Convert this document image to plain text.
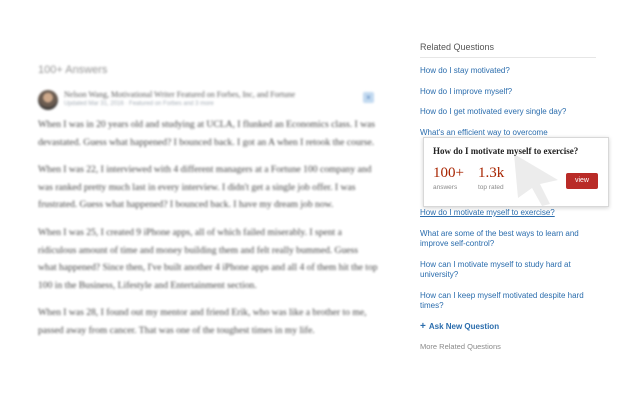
100+ Answers
Nelson Wang, Motivational Writer Featured on Forbes, Inc, and Fortune
Updated Mar 31, 2016 · Featured on Forbes and 3 more
×

When I was in 20 years old and studying at UCLA, I flunked an Economics class. I was devastated. Guess what happened? I bounced back. I got an A when I retook the course.

When I was 22, I interviewed with 4 different managers at a Fortune 100 company and was ranked pretty much last in every interview. I didn't get a single job offer. I was frustrated. Guess what happened? I bounced back. I have my dream job now.

When I was 25, I created 9 iPhone apps, all of which failed miserably. I spent a ridiculous amount of time and money building them and felt really bummed. Guess what happened? Since then, I've built another 4 iPhone apps and all 4 of them hit the top 100 in the Business, Lifestyle and Entertainment section.

When I was 28, I found out my mentor and friend Erik, who was like a brother to me, passed away from cancer. That was one of the toughest times in my life.

Related Questions
How do I stay motivated?
How do I improve myself?
How do I get motivated every single day?
What's an efficient way to overcome
How do I motivate myself to exercise?
What are some of the best ways to learn and improve self-control?
How can I motivate myself to study hard at university?
How can I keep myself motivated despite hard times?
+ Ask New Question
More Related Questions
How do I motivate myself to exercise?
100+
answers
1.3k
top rated
view
